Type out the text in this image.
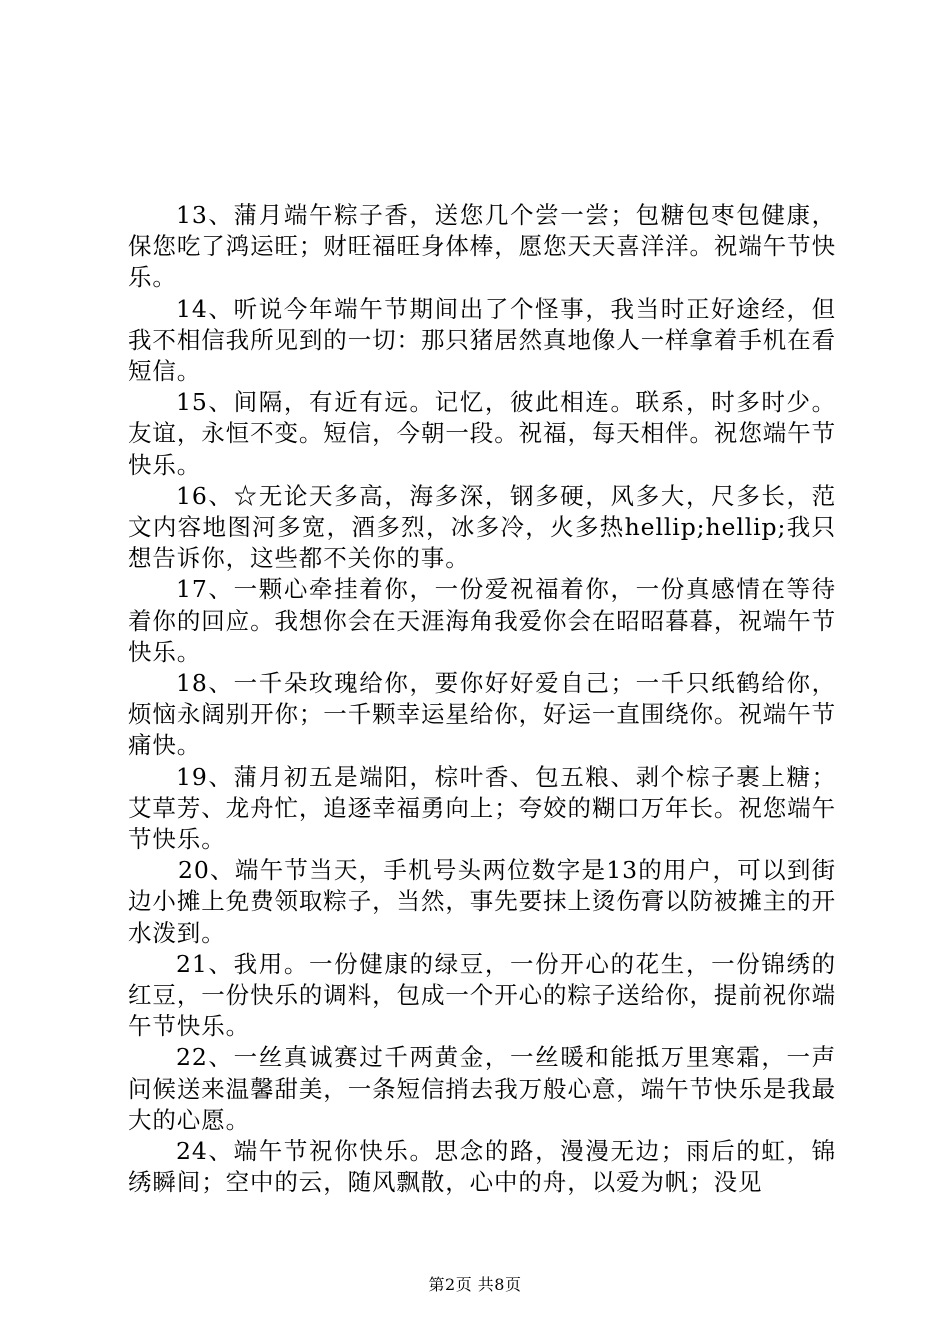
13、蒲月端午粽子香，送您几个尝一尝；包糖包枣包健康，保您吃了鸿运旺；财旺福旺身体棒，愿您天天喜洋洋。祝端午节快乐。

14、听说今年端午节期间出了个怪事，我当时正好途经，但我不相信我所见到的一切：那只猪居然真地像人一样拿着手机在看短信。

15、间隔，有近有远。记忆，彼此相连。联系，时多时少。友谊，永恒不变。短信，今朝一段。祝福，每天相伴。祝您端午节快乐。

16、☆无论天多高，海多深，钢多硬，风多大，尺多长，范文内容地图河多宽，酒多烈，冰多冷，火多热hellip;hellip;我只想告诉你，这些都不关你的事。

17、一颗心牵挂着你，一份爱祝福着你，一份真感情在等待着你的回应。我想你会在天涯海角我爱你会在昭昭暮暮，祝端午节快乐。

18、一千朵玫瑰给你，要你好好爱自己；一千只纸鹤给你，烦恼永阔别开你；一千颗幸运星给你，好运一直围绕你。祝端午节痛快。

19、蒲月初五是端阳，棕叶香、包五粮、剥个棕子裹上糖；艾草芳、龙舟忙，追逐幸福勇向上；夸姣的糊口万年长。祝您端午节快乐。

20、端午节当天，手机号头两位数字是13的用户，可以到街边小摊上免费领取粽子，当然，事先要抹上烫伤膏以防被摊主的开水泼到。

21、我用。一份健康的绿豆，一份开心的花生，一份锦绣的红豆，一份快乐的调料，包成一个开心的粽子送给你，提前祝你端午节快乐。

22、一丝真诚赛过千两黄金，一丝暖和能抵万里寒霜，一声问候送来温馨甜美，一条短信捎去我万般心意，端午节快乐是我最大的心愿。

24、端午节祝你快乐。思念的路，漫漫无边；雨后的虹，锦绣瞬间；空中的云，随风飘散，心中的舟，以爱为帆；没见

第2页 共8页
